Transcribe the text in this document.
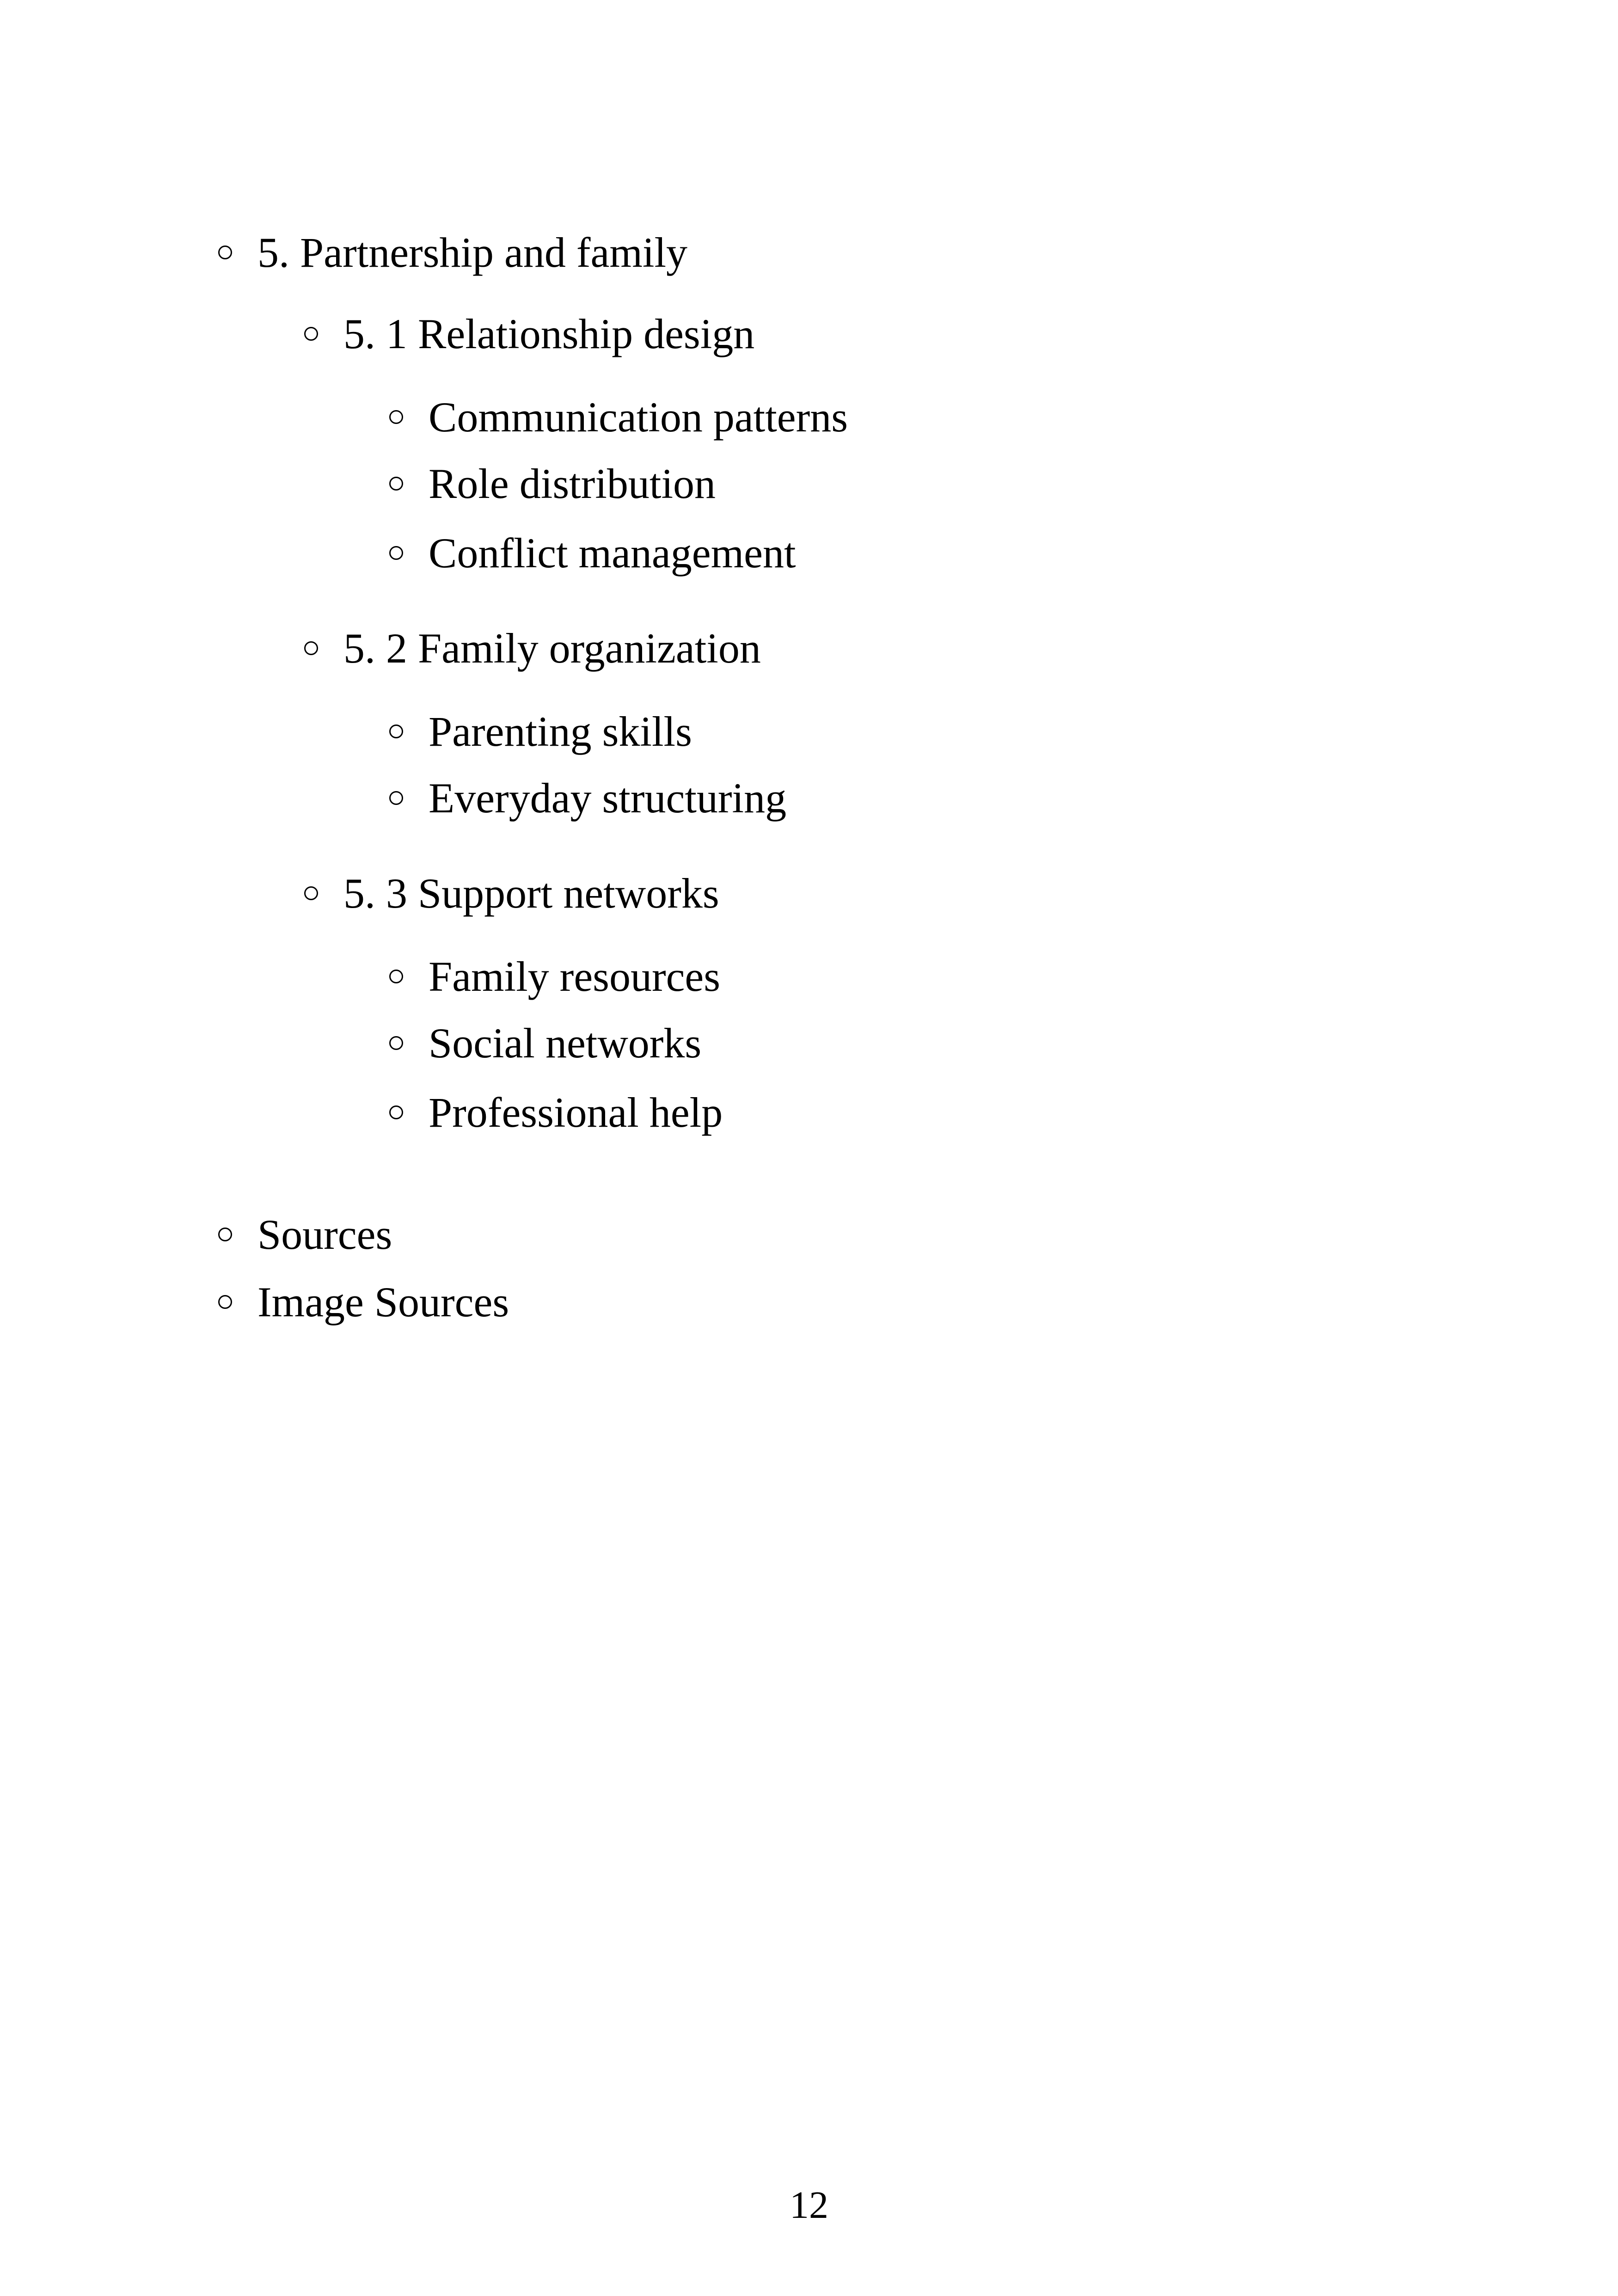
5. Partnership and family
5. 1 Relationship design
Communication patterns
Role distribution
Conflict management
5. 2 Family organization
Parenting skills
Everyday structuring
5. 3 Support networks
Family resources
Social networks
Professional help
Sources
Image Sources
12
